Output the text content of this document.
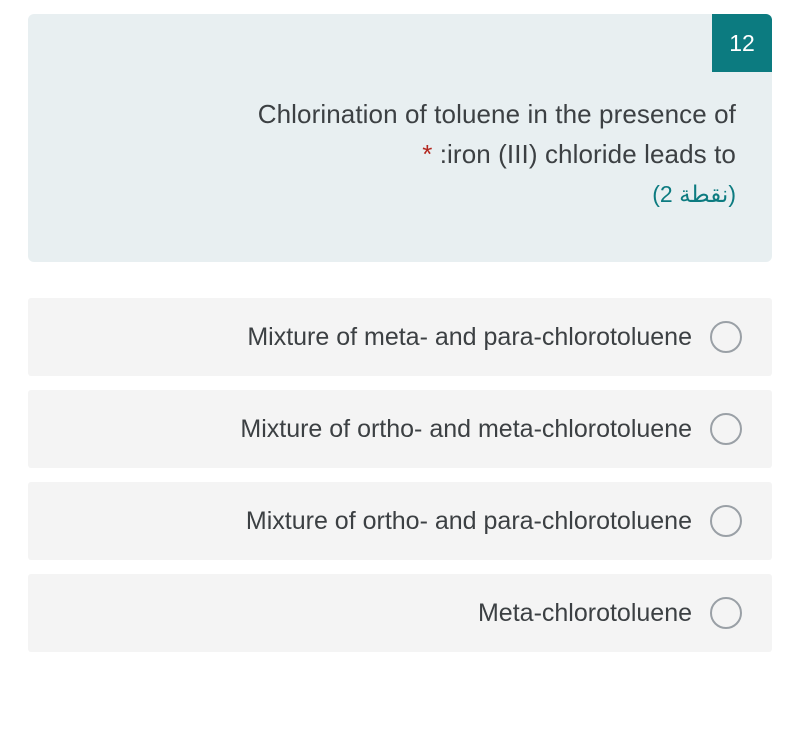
12
Chlorination of toluene in the presence of
* :iron (III) chloride leads to
(نقطة 2)
Mixture of meta- and para-chlorotoluene
Mixture of ortho- and meta-chlorotoluene
Mixture of ortho- and para-chlorotoluene
Meta-chlorotoluene
